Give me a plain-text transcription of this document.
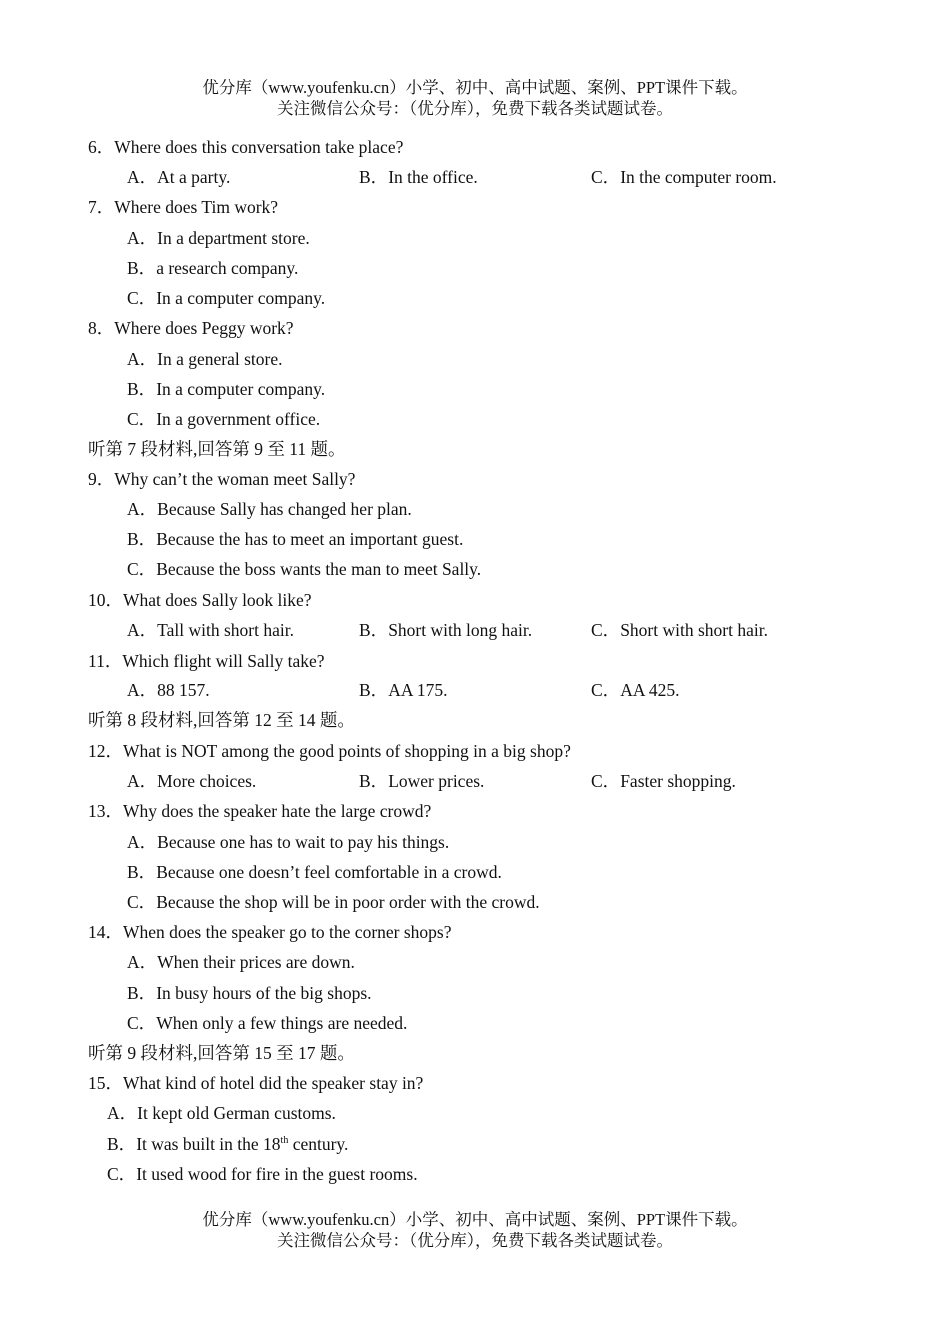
优分库（www.youfenku.cn）小学、初中、高中试题、案例、PPT课件下载。
关注微信公众号：（优分库），免费下载各类试题试卷。
6．Where does this conversation take place?
A．At a party.	B．In the office.	C．In the computer room.
7．Where does Tim work?
A．In a department store.
B．a research company.
C．In a computer company.
8．Where does Peggy work?
A．In a general store.
B．In a computer company.
C．In a government office.
听第 7 段材料,回答第 9 至 11 题。
9．Why can’t the woman meet Sally?
A．Because Sally has changed her plan.
B．Because the has to meet an important guest.
C．Because the boss wants the man to meet Sally.
10．What does Sally look like?
A．Tall with short hair.	B．Short with long hair.	C．Short with short hair.
11．Which flight will Sally take?
A．88 157.	B．AA 175.	C．AA 425.
听第 8 段材料,回答第 12 至 14 题。
12．What is NOT among the good points of shopping in a big shop?
A．More choices.	B．Lower prices.	C．Faster shopping.
13．Why does the speaker hate the large crowd?
A．Because one has to wait to pay his things.
B．Because one doesn’t feel comfortable in a crowd.
C．Because the shop will be in poor order with the crowd.
14．When does the speaker go to the corner shops?
A．When their prices are down.
B．In busy hours of the big shops.
C．When only a few things are needed.
听第 9 段材料,回答第 15 至 17 题。
15．What kind of hotel did the speaker stay in?
A．It kept old German customs.
B．It was built in the 18th century.
C．It used wood for fire in the guest rooms.
优分库（www.youfenku.cn）小学、初中、高中试题、案例、PPT课件下载。
关注微信公众号：（优分库），免费下载各类试题试卷。
